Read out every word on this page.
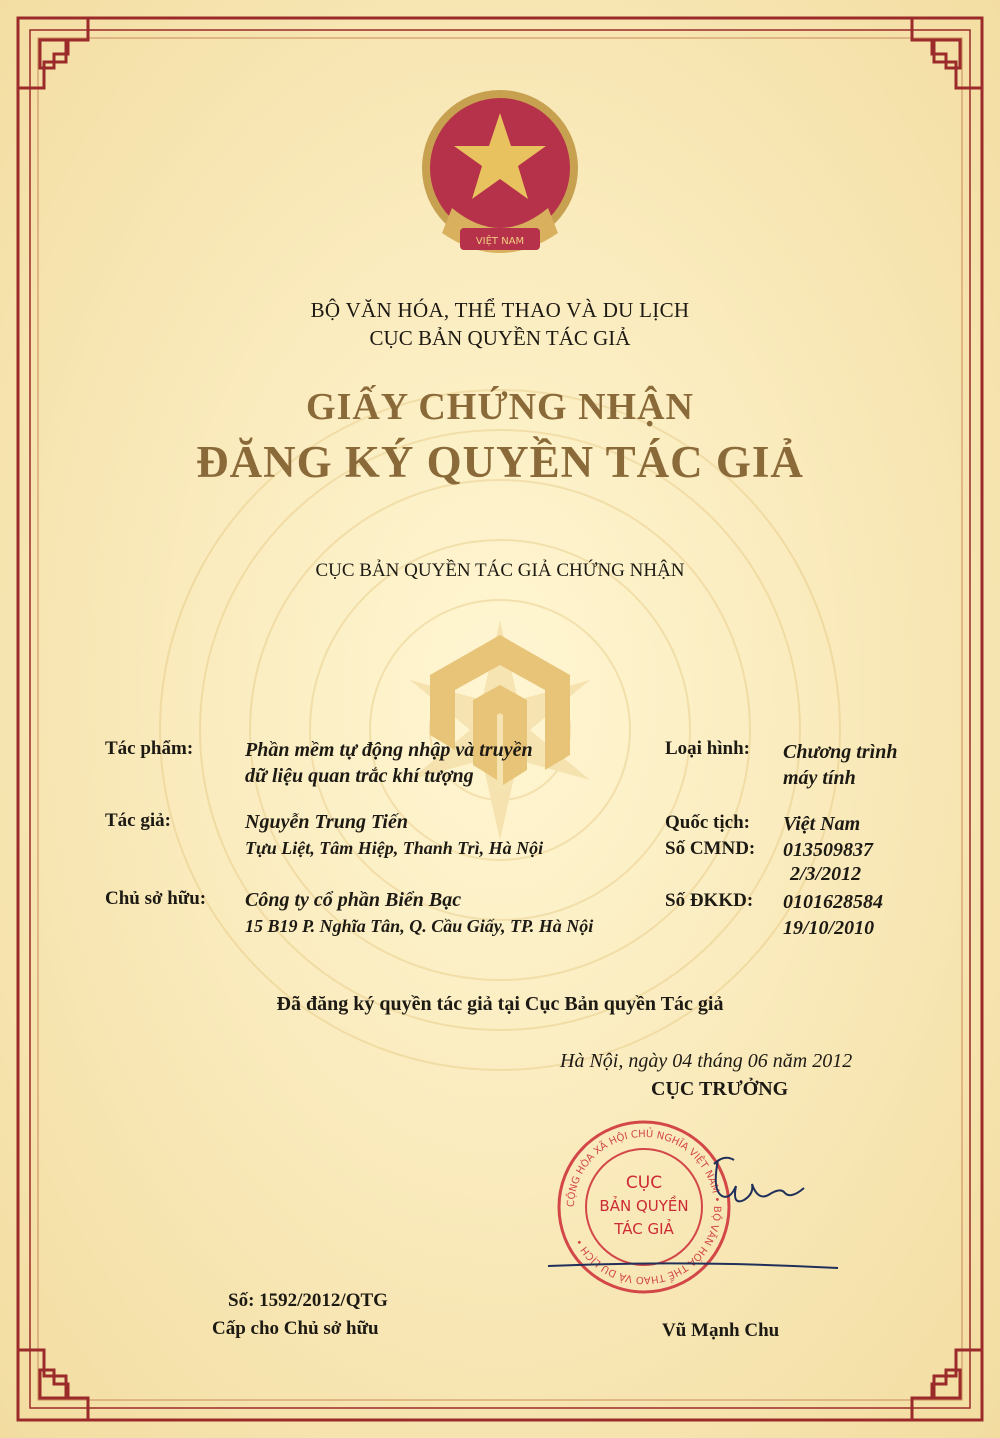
VIỆT NAM
BỘ VĂN HÓA, THỂ THAO VÀ DU LỊCH
CỤC BẢN QUYỀN TÁC GIẢ
GIẤY CHỨNG NHẬN
ĐĂNG KÝ QUYỀN TÁC GIẢ
CỤC BẢN QUYỀN TÁC GIẢ CHỨNG NHẬN
Tác phẩm:	Phần mềm tự động nhập và truyền
dữ liệu quan trắc khí tượng
Loại hình: Chương trình
máy tính
Tác giả:	Nguyễn Trung Tiến
Tựu Liệt, Tâm Hiệp, Thanh Trì, Hà Nội
Quốc tịch: Việt Nam
Số CMND: 013509837
2/3/2012
Chủ sở hữu: Công ty cổ phần Biển Bạc
15 B19 P. Nghĩa Tân, Q. Cầu Giấy, TP. Hà Nội
Số ĐKKD: 0101628584
19/10/2010
Đã đăng ký quyền tác giả tại Cục Bản quyền Tác giả
Hà Nội, ngày 04 tháng 06 năm 2012
CỤC TRƯỞNG
CỘNG HÒA XÃ HỘI CHỦ NGHĨA VIỆT NAM • BỘ VĂN HÓA THỂ THAO VÀ DU LỊCH •
CỤC
BẢN QUYỀN
TÁC GIẢ
Vũ Mạnh Chu
Số: 1592/2012/QTG
Cấp cho Chủ sở hữu
